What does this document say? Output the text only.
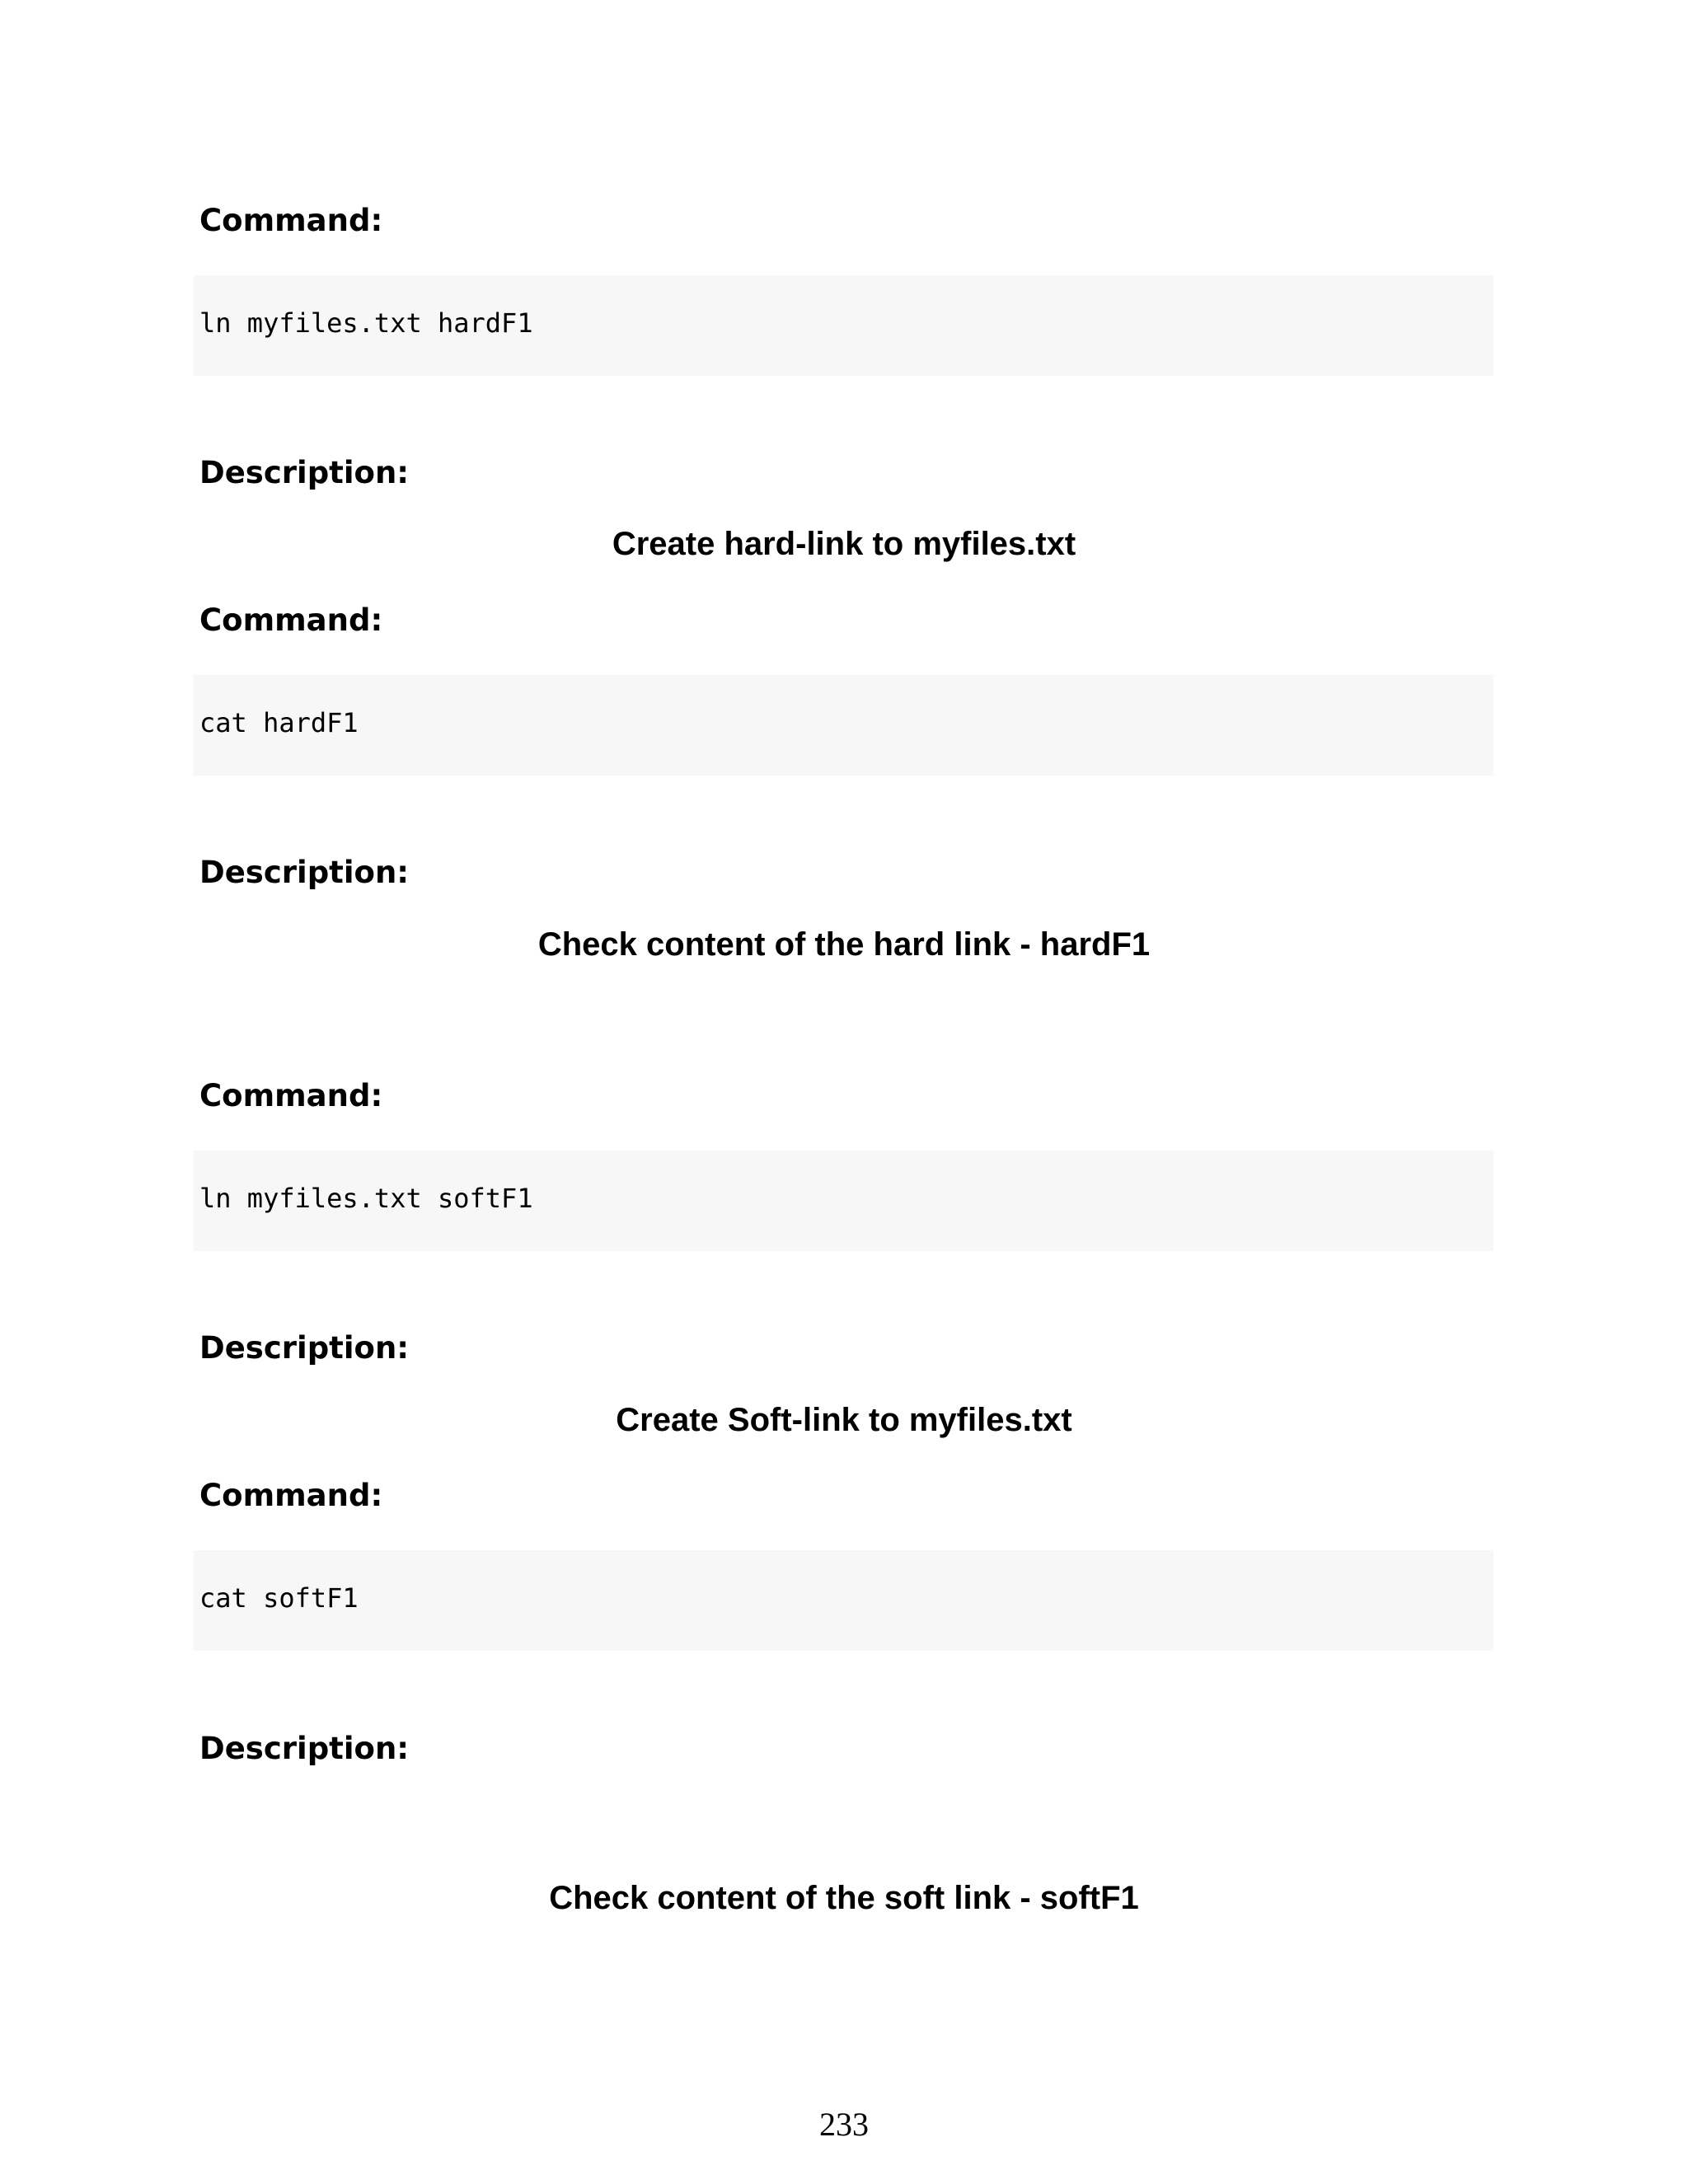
Command:
ln myfiles.txt hardF1
Description:

Create hard-link to myfiles.txt

Command:
cat hardF1
Description:

Check content of the hard link - hardF1

Command:
ln myfiles.txt softF1
Description:

Create Soft-link to myfiles.txt

Command:
cat softF1
Description:

Check content of the soft link - softF1

233
